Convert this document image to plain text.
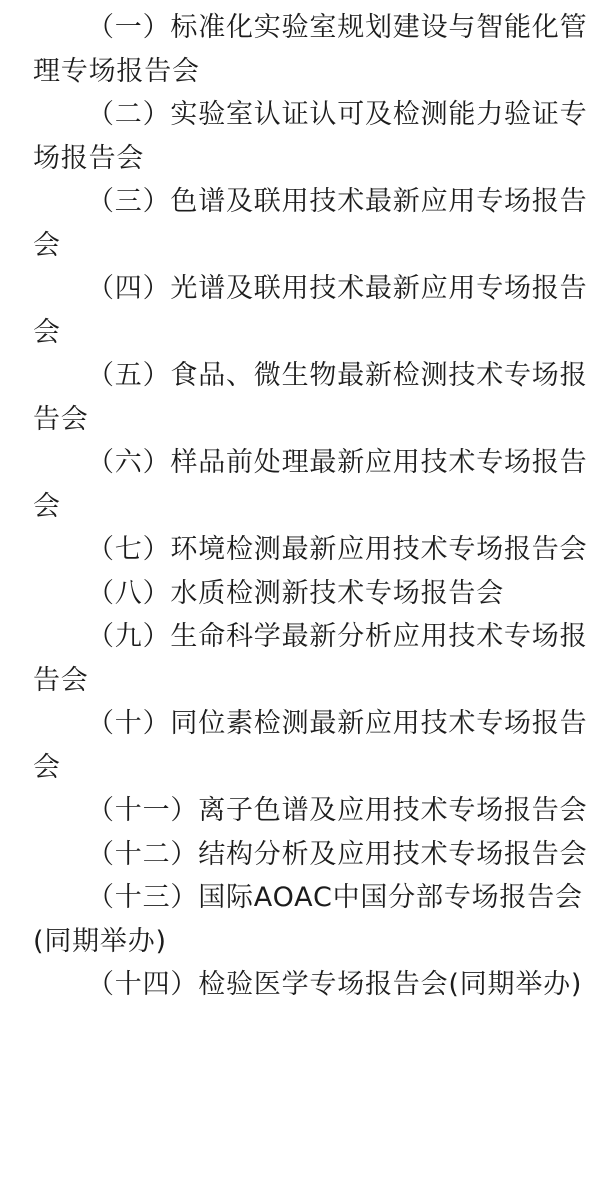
（一）标准化实验室规划建设与智能化管理专场报告会

（二）实验室认证认可及检测能力验证专场报告会

（三）色谱及联用技术最新应用专场报告会

（四）光谱及联用技术最新应用专场报告会

（五）食品、微生物最新检测技术专场报告会

（六）样品前处理最新应用技术专场报告会

（七）环境检测最新应用技术专场报告会

（八）水质检测新技术专场报告会

（九）生命科学最新分析应用技术专场报告会

（十）同位素检测最新应用技术专场报告会

（十一）离子色谱及应用技术专场报告会

（十二）结构分析及应用技术专场报告会

（十三）国际AOAC中国分部专场报告会(同期举办)

（十四）检验医学专场报告会(同期举办)
